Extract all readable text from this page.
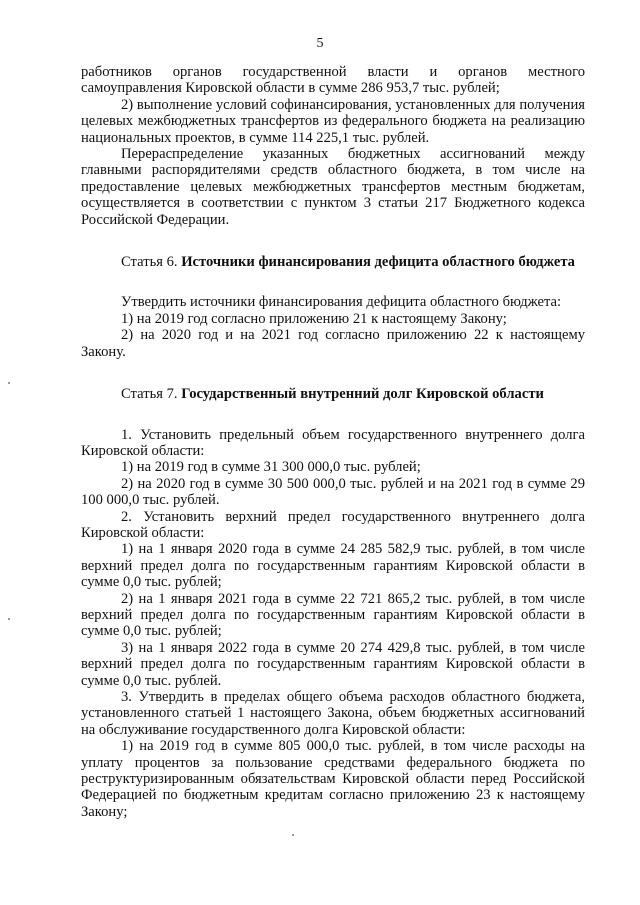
5

работников органов государственной власти и органов местного самоуправления Кировской области в сумме 286 953,7 тыс. рублей;

2) выполнение условий софинансирования, установленных для получения целевых межбюджетных трансфертов из федерального бюджета на реализацию национальных проектов, в сумме 114 225,1 тыс. рублей.

Перераспределение указанных бюджетных ассигнований между главными распорядителями средств областного бюджета, в том числе на предоставление целевых межбюджетных трансфертов местным бюджетам, осуществляется в соответствии с пунктом 3 статьи 217 Бюджетного кодекса Российской Федерации.

Статья 6. Источники финансирования дефицита областного бюджета

Утвердить источники финансирования дефицита областного бюджета:

1) на 2019 год согласно приложению 21 к настоящему Закону;

2) на 2020 год и на 2021 год согласно приложению 22 к настоящему Закону.

Статья 7. Государственный внутренний долг Кировской области

1. Установить предельный объем государственного внутреннего долга Кировской области:

1) на 2019 год в сумме 31 300 000,0 тыс. рублей;

2) на 2020 год в сумме 30 500 000,0 тыс. рублей и на 2021 год в сумме 29 100 000,0 тыс. рублей.

2. Установить верхний предел государственного внутреннего долга Кировской области:

1) на 1 января 2020 года в сумме 24 285 582,9 тыс. рублей, в том числе верхний предел долга по государственным гарантиям Кировской области в сумме 0,0 тыс. рублей;

2) на 1 января 2021 года в сумме 22 721 865,2 тыс. рублей, в том числе верхний предел долга по государственным гарантиям Кировской области в сумме 0,0 тыс. рублей;

3) на 1 января 2022 года в сумме 20 274 429,8 тыс. рублей, в том числе верхний предел долга по государственным гарантиям Кировской области в сумме 0,0 тыс. рублей.

3. Утвердить в пределах общего объема расходов областного бюджета, установленного статьей 1 настоящего Закона, объем бюджетных ассигнований на обслуживание государственного долга Кировской области:

1) на 2019 год в сумме 805 000,0 тыс. рублей, в том числе расходы на уплату процентов за пользование средствами федерального бюджета по реструктуризированным обязательствам Кировской области перед Российской Федерацией по бюджетным кредитам согласно приложению 23 к настоящему Закону;
